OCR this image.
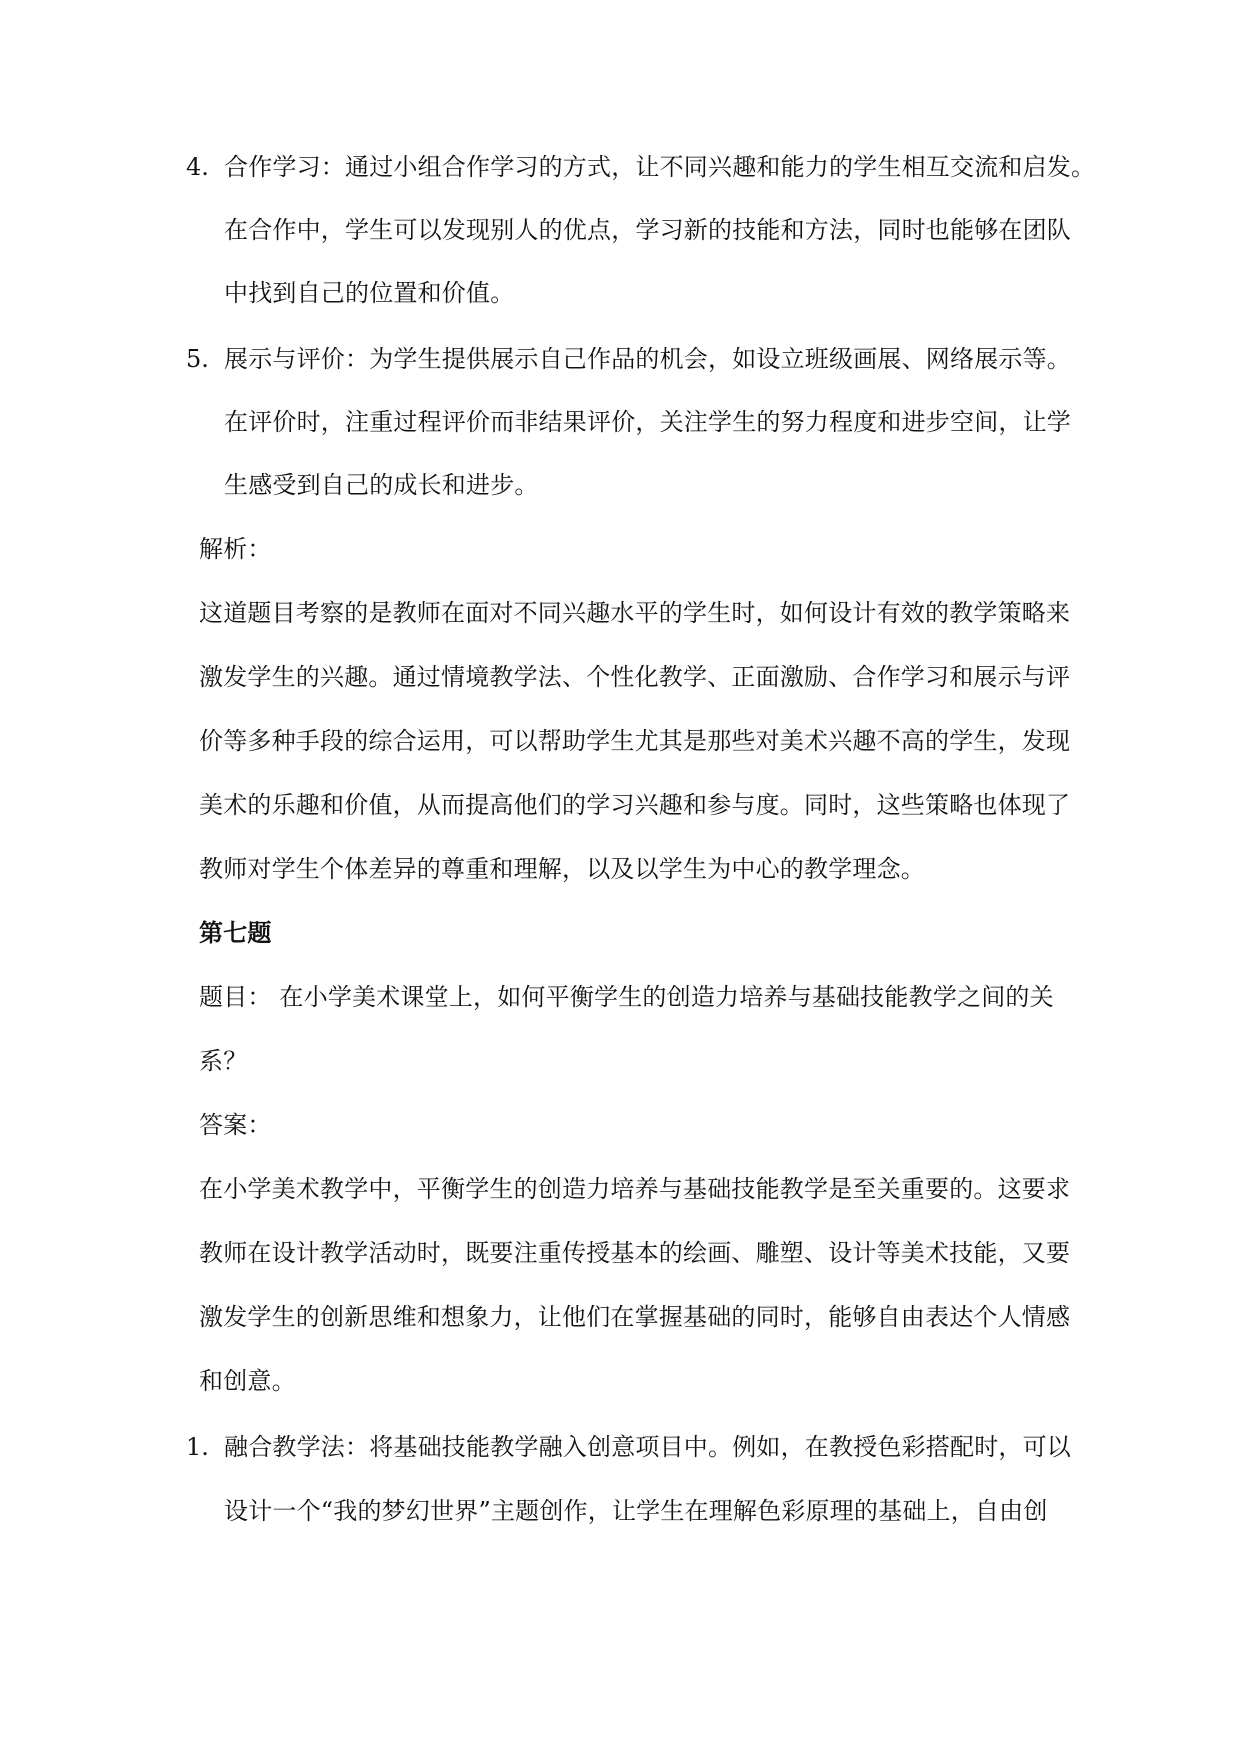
4. 合作学习：通过小组合作学习的方式，让不同兴趣和能力的学生相互交流和启发。
在合作中，学生可以发现别人的优点，学习新的技能和方法，同时也能够在团队
中找到自己的位置和价值。
5. 展示与评价：为学生提供展示自己作品的机会，如设立班级画展、网络展示等。
在评价时，注重过程评价而非结果评价，关注学生的努力程度和进步空间，让学
生感受到自己的成长和进步。
解析：
这道题目考察的是教师在面对不同兴趣水平的学生时，如何设计有效的教学策略来
激发学生的兴趣。通过情境教学法、个性化教学、正面激励、合作学习和展示与评
价等多种手段的综合运用，可以帮助学生尤其是那些对美术兴趣不高的学生，发现
美术的乐趣和价值，从而提高他们的学习兴趣和参与度。同时，这些策略也体现了
教师对学生个体差异的尊重和理解，以及以学生为中心的教学理念。
第七题
题目： 在小学美术课堂上，如何平衡学生的创造力培养与基础技能教学之间的关
系？
答案：
在小学美术教学中，平衡学生的创造力培养与基础技能教学是至关重要的。这要求
教师在设计教学活动时，既要注重传授基本的绘画、雕塑、设计等美术技能，又要
激发学生的创新思维和想象力，让他们在掌握基础的同时，能够自由表达个人情感
和创意。
1. 融合教学法：将基础技能教学融入创意项目中。例如，在教授色彩搭配时，可以
设计一个“我的梦幻世界”主题创作，让学生在理解色彩原理的基础上，自由创
